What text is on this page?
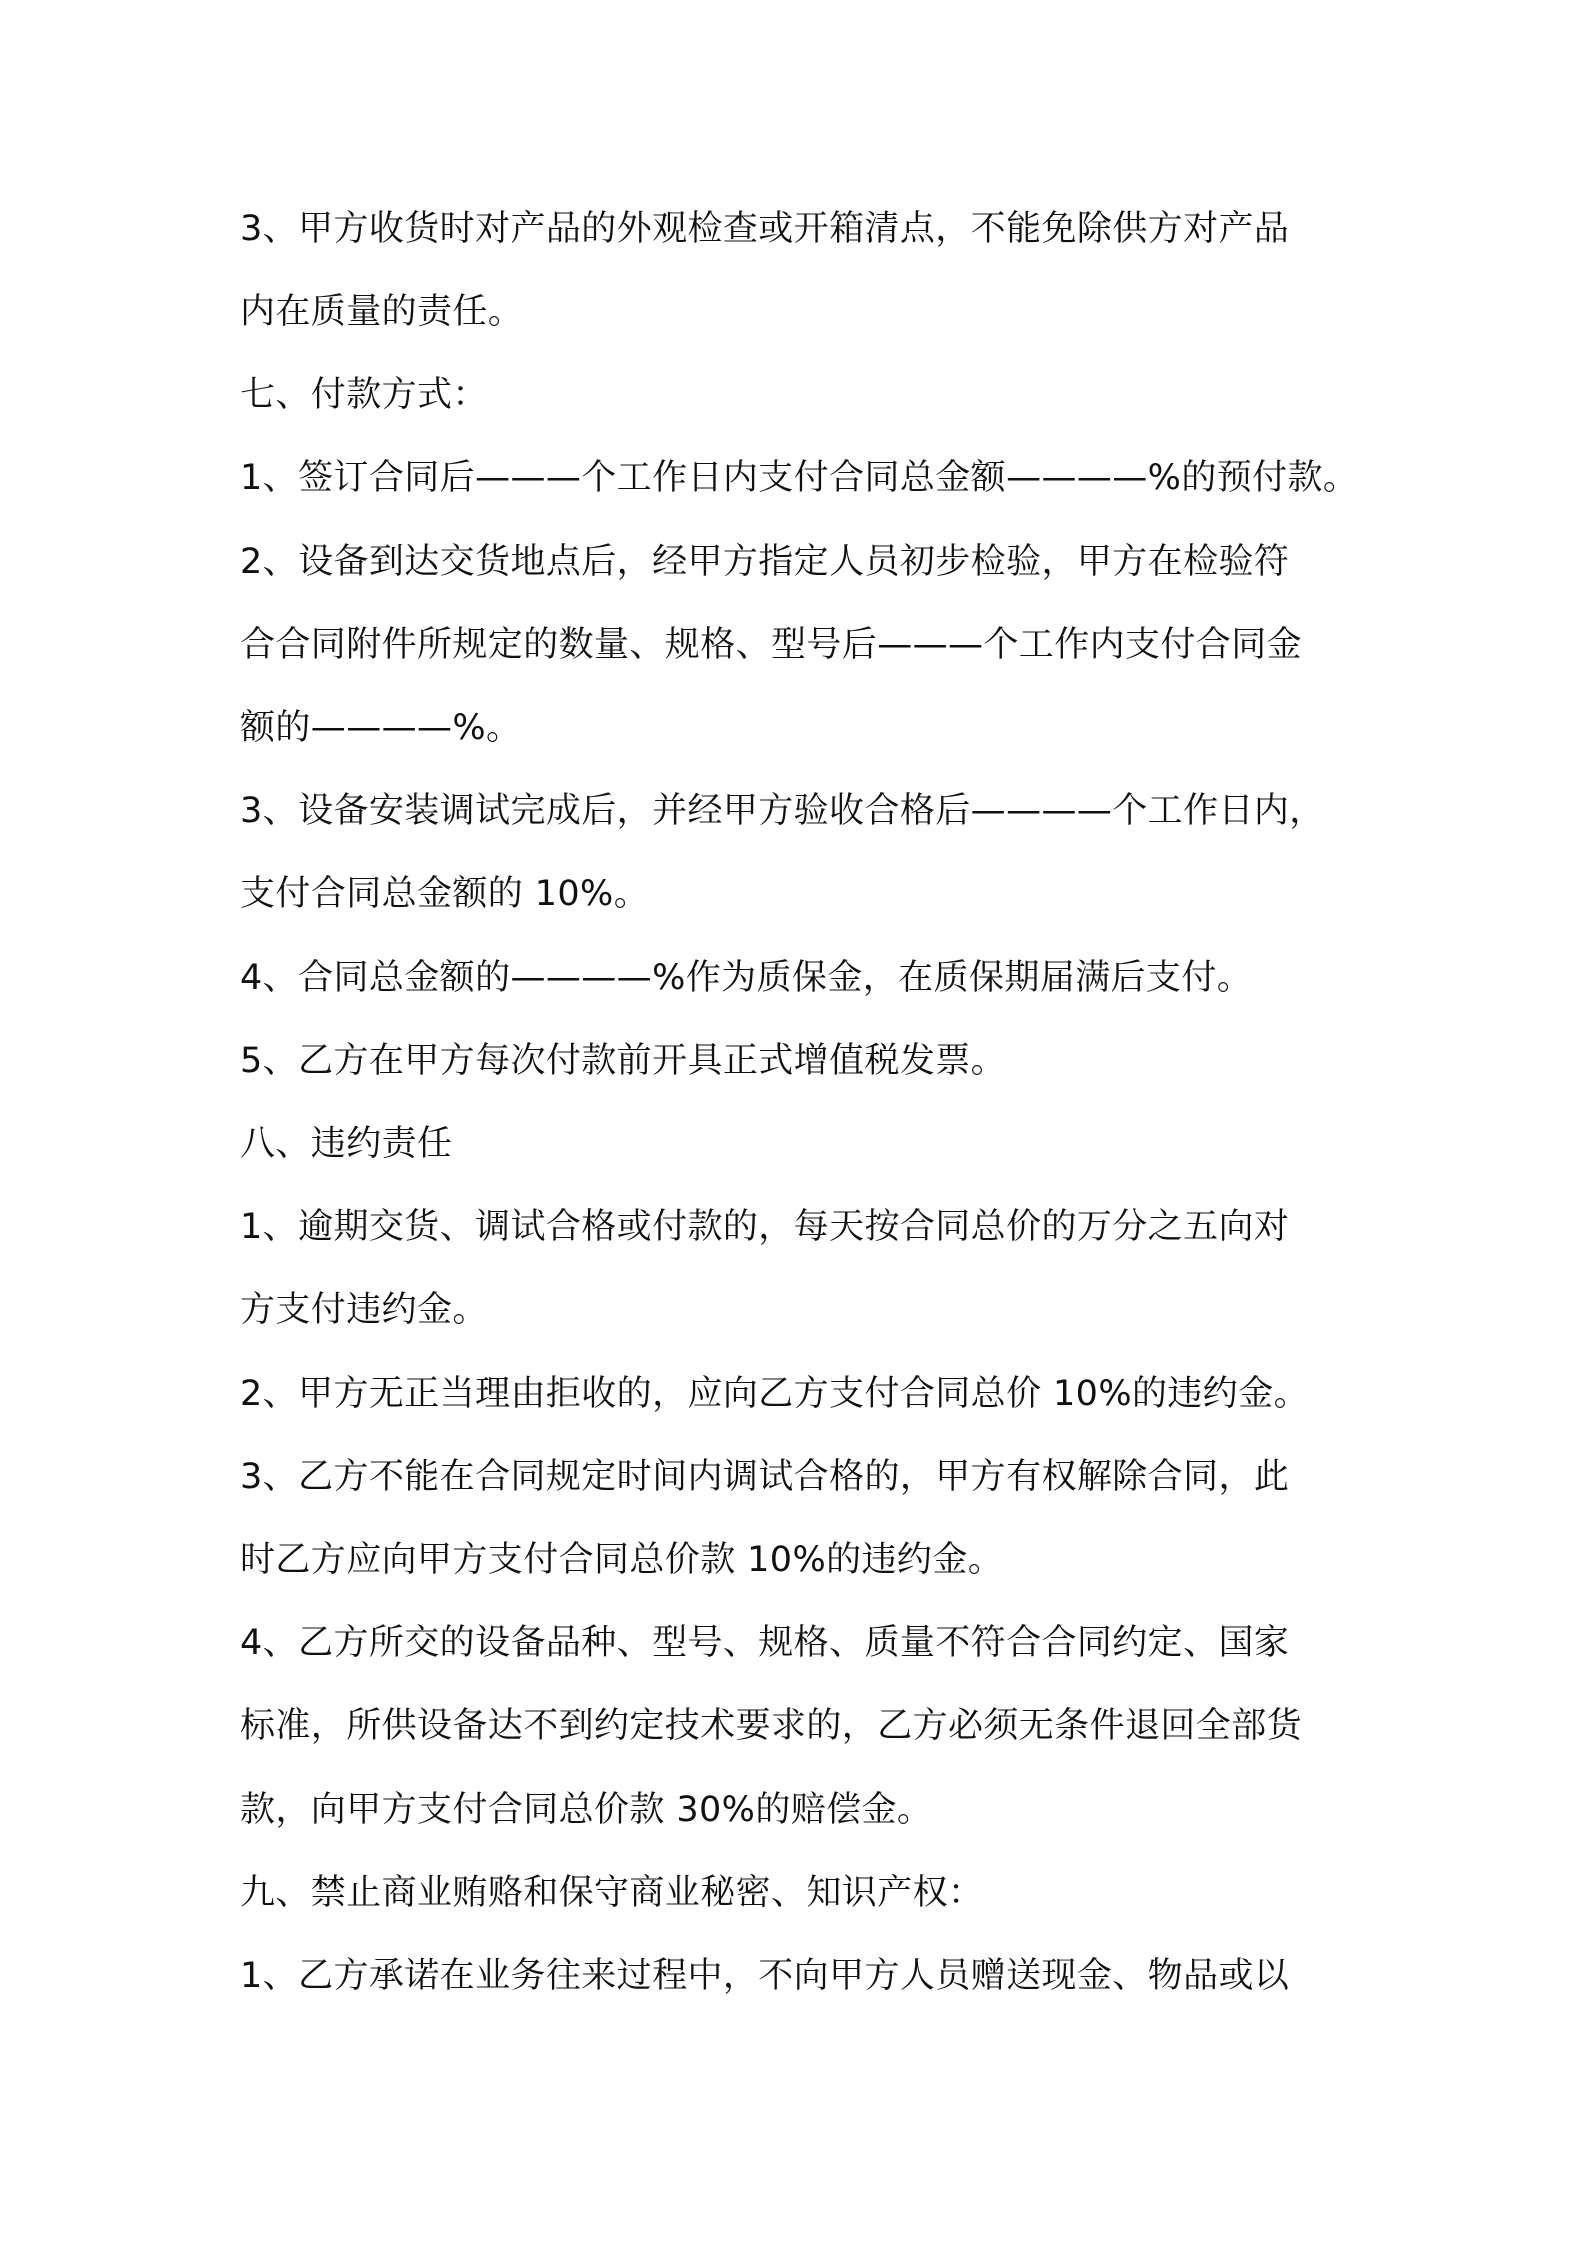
3、甲方收货时对产品的外观检查或开箱清点，不能免除供方对产品
内在质量的责任。
七、付款方式：
1、签订合同后———个工作日内支付合同总金额————%的预付款。
2、设备到达交货地点后，经甲方指定人员初步检验，甲方在检验符
合合同附件所规定的数量、规格、型号后———个工作内支付合同金
额的————%。
3、设备安装调试完成后，并经甲方验收合格后————个工作日内，
支付合同总金额的 10%。
4、合同总金额的————%作为质保金，在质保期届满后支付。
5、乙方在甲方每次付款前开具正式增值税发票。
八、违约责任
1、逾期交货、调试合格或付款的，每天按合同总价的万分之五向对
方支付违约金。
2、甲方无正当理由拒收的，应向乙方支付合同总价 10%的违约金。
3、乙方不能在合同规定时间内调试合格的，甲方有权解除合同，此
时乙方应向甲方支付合同总价款 10%的违约金。
4、乙方所交的设备品种、型号、规格、质量不符合合同约定、国家
标准，所供设备达不到约定技术要求的，乙方必须无条件退回全部货
款，向甲方支付合同总价款 30%的赔偿金。
九、禁止商业贿赂和保守商业秘密、知识产权：
1、乙方承诺在业务往来过程中，不向甲方人员赠送现金、物品或以
